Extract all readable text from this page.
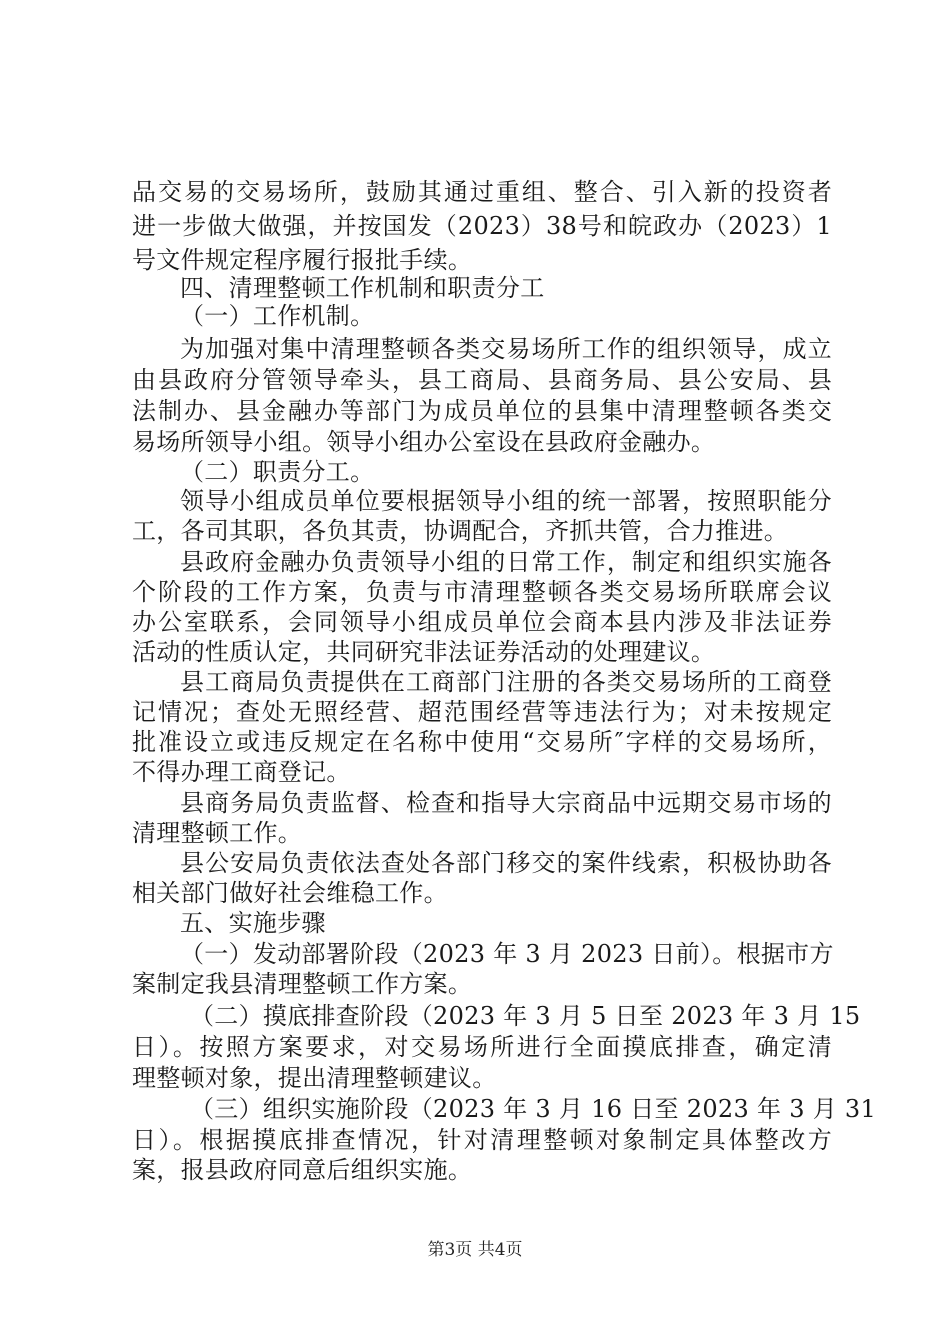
品交易的交易场所，鼓励其通过重组、整合、引入新的投资者
进一步做大做强，并按国发（2023）38号和皖政办（2023）1
号文件规定程序履行报批手续。
四、清理整顿工作机制和职责分工
（一）工作机制。
为加强对集中清理整顿各类交易场所工作的组织领导，成立
由县政府分管领导牵头，县工商局、县商务局、县公安局、县
法制办、县金融办等部门为成员单位的县集中清理整顿各类交
易场所领导小组。领导小组办公室设在县政府金融办。
（二）职责分工。
领导小组成员单位要根据领导小组的统一部署，按照职能分
工，各司其职，各负其责，协调配合，齐抓共管，合力推进。
县政府金融办负责领导小组的日常工作，制定和组织实施各
个阶段的工作方案，负责与市清理整顿各类交易场所联席会议
办公室联系，会同领导小组成员单位会商本县内涉及非法证券
活动的性质认定，共同研究非法证券活动的处理建议。
县工商局负责提供在工商部门注册的各类交易场所的工商登
记情况；查处无照经营、超范围经营等违法行为；对未按规定
批准设立或违反规定在名称中使用“交易所″字样的交易场所，
不得办理工商登记。
县商务局负责监督、检查和指导大宗商品中远期交易市场的
清理整顿工作。
县公安局负责依法查处各部门移交的案件线索，积极协助各
相关部门做好社会维稳工作。
五、实施步骤
（一）发动部署阶段（2023 年 3 月 2023 日前）。根据市方
案制定我县清理整顿工作方案。
（二）摸底排查阶段（2023 年 3 月 5 日至 2023 年 3 月 15
日）。按照方案要求，对交易场所进行全面摸底排查，确定清
理整顿对象，提出清理整顿建议。
（三）组织实施阶段（2023 年 3 月 16 日至 2023 年 3 月 31
日）。根据摸底排查情况，针对清理整顿对象制定具体整改方
案，报县政府同意后组织实施。
第3页 共4页
